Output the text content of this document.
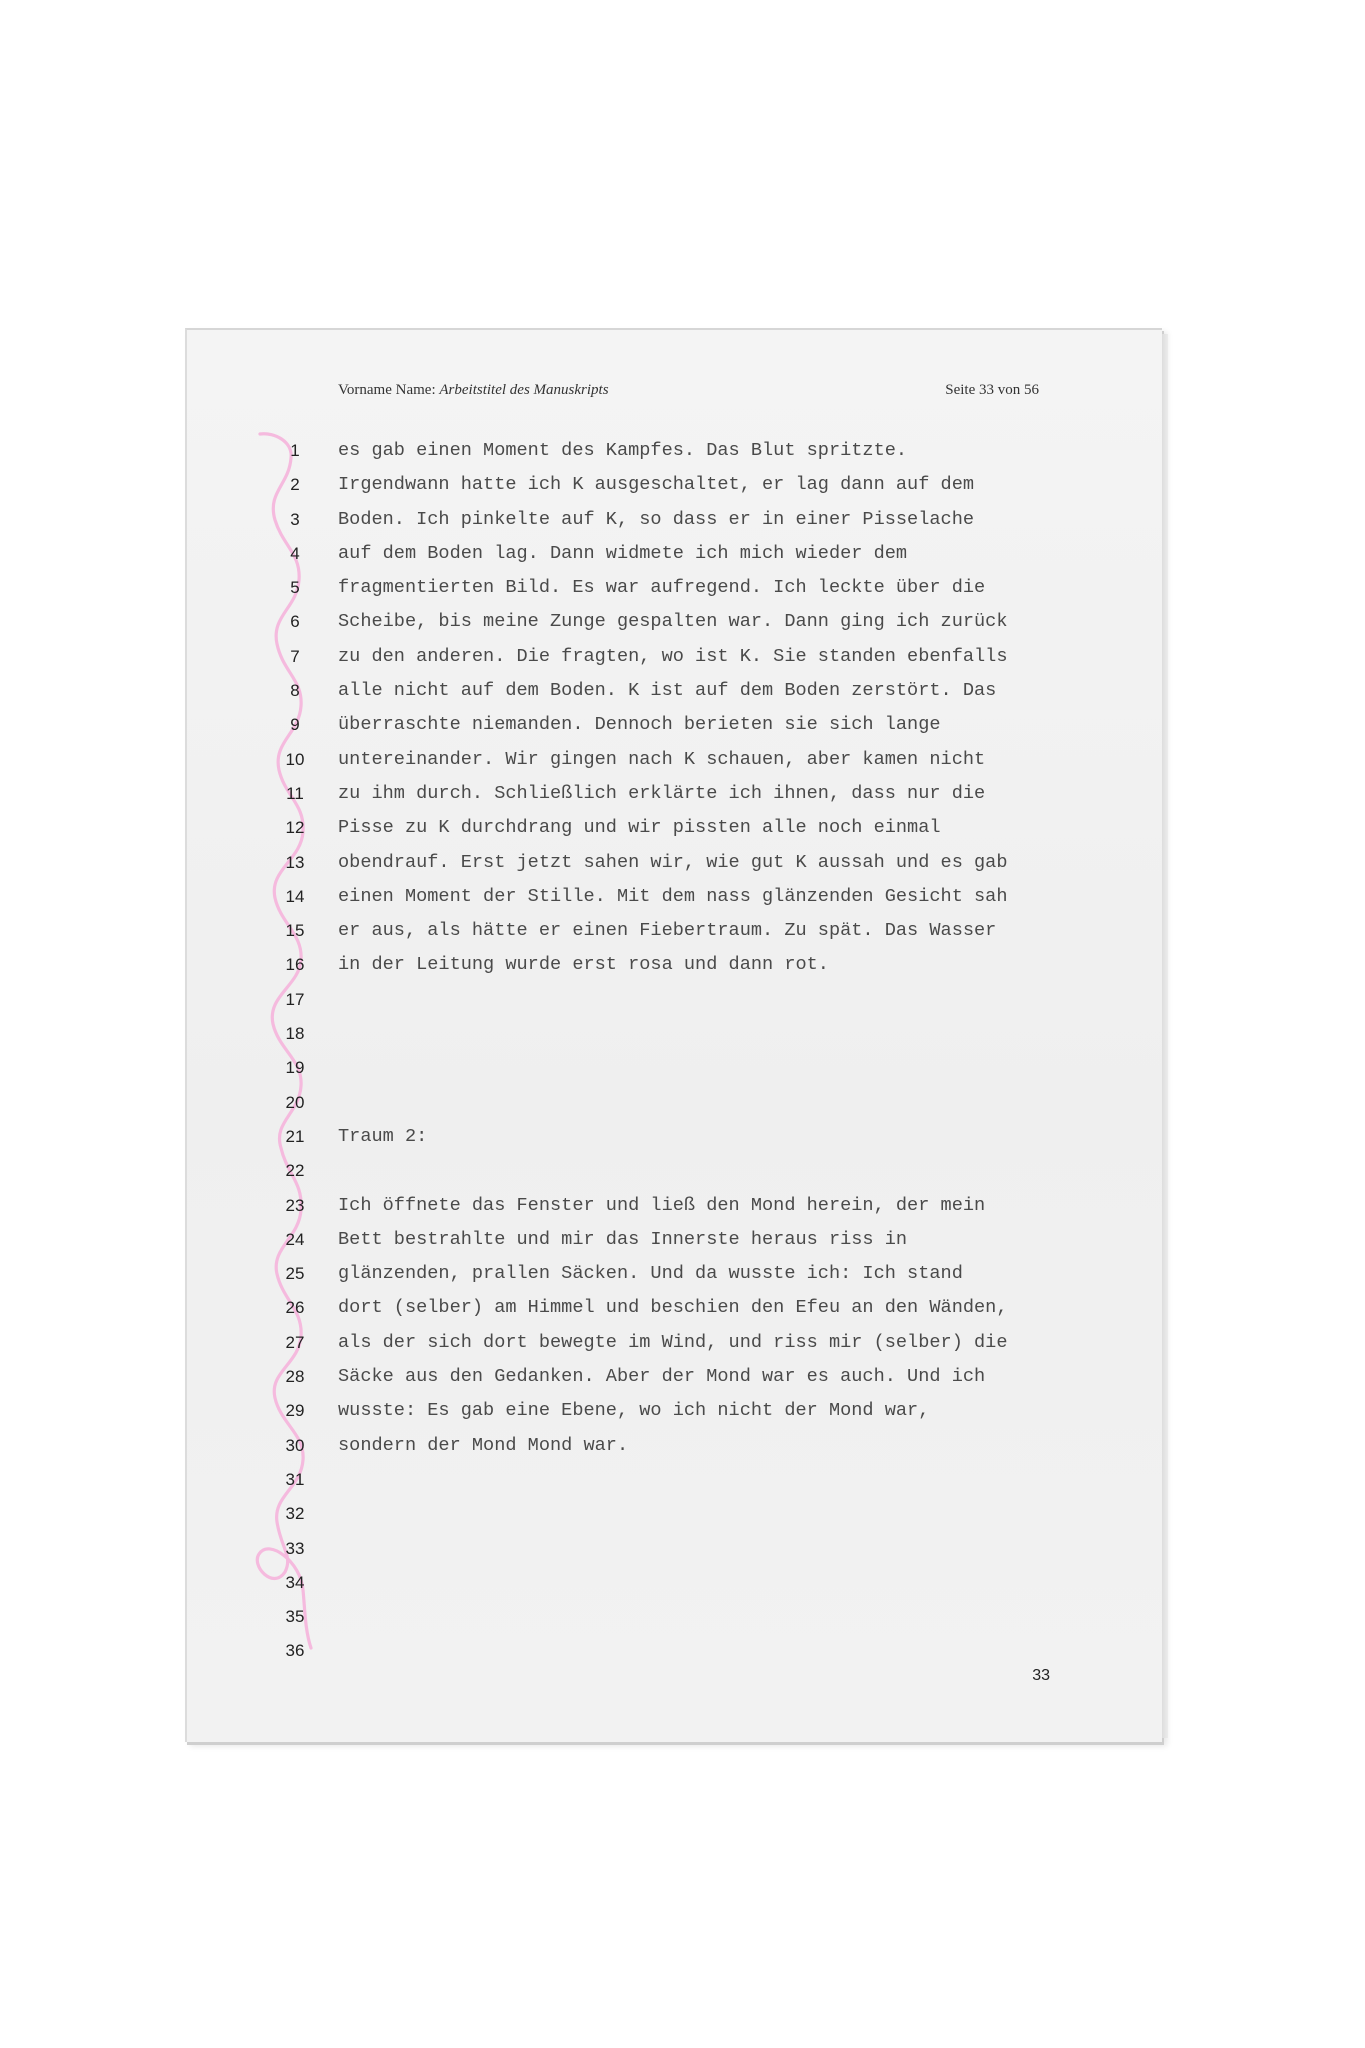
Vorname Name: Arbeitstitel des Manuskripts	Seite 33 von 56
1
2
3
4
5
6
7
8
9
10
11
12
13
14
15
16
17
18
19
20
21
22
23
24
25
26
27
28
29
30
31
32
33
34
35
36
es gab einen Moment des Kampfes. Das Blut spritzte.
Irgendwann hatte ich K ausgeschaltet, er lag dann auf dem
Boden. Ich pinkelte auf K, so dass er in einer Pisselache
auf dem Boden lag. Dann widmete ich mich wieder dem
fragmentierten Bild. Es war aufregend. Ich leckte über die
Scheibe, bis meine Zunge gespalten war. Dann ging ich zurück
zu den anderen. Die fragten, wo ist K. Sie standen ebenfalls
alle nicht auf dem Boden. K ist auf dem Boden zerstört. Das
überraschte niemanden. Dennoch berieten sie sich lange
untereinander. Wir gingen nach K schauen, aber kamen nicht
zu ihm durch. Schließlich erklärte ich ihnen, dass nur die
Pisse zu K durchdrang und wir pissten alle noch einmal
obendrauf. Erst jetzt sahen wir, wie gut K aussah und es gab
einen Moment der Stille. Mit dem nass glänzenden Gesicht sah
er aus, als hätte er einen Fiebertraum. Zu spät. Das Wasser
in der Leitung wurde erst rosa und dann rot.
Traum 2:
Ich öffnete das Fenster und ließ den Mond herein, der mein
Bett bestrahlte und mir das Innerste heraus riss in
glänzenden, prallen Säcken. Und da wusste ich: Ich stand
dort (selber) am Himmel und beschien den Efeu an den Wänden,
als der sich dort bewegte im Wind, und riss mir (selber) die
Säcke aus den Gedanken. Aber der Mond war es auch. Und ich
wusste: Es gab eine Ebene, wo ich nicht der Mond war,
sondern der Mond Mond war.
33
